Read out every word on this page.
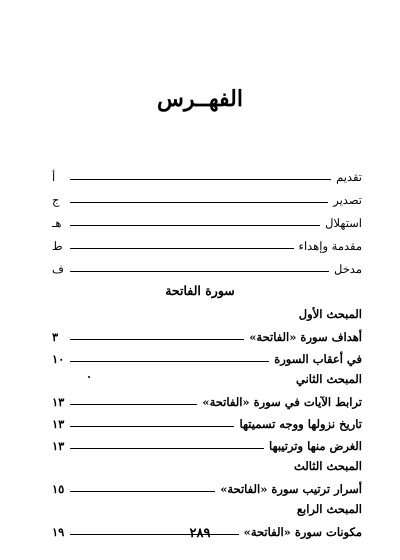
الفهــرس
تقديم
أ
تصدير
ج
استهلال
هـ
مقدمة وإهداء
ط
مدخل
ف
سورة الفاتحة
المبحث الأول
أهداف سورة «الفاتحة»
٣
في أعقاب السورة
١٠
المبحث الثاني
ترابط الآيات في سورة «الفاتحة»
١٣
تاريخ نزولها ووجه تسميتها
١٣
الغرض منها وترتيبها
١٣
المبحث الثالث
أسرار ترتيب سورة «الفاتحة»
١٥
المبحث الرابع
مكونات سورة «الفاتحة»
١٩	٢٨٩
